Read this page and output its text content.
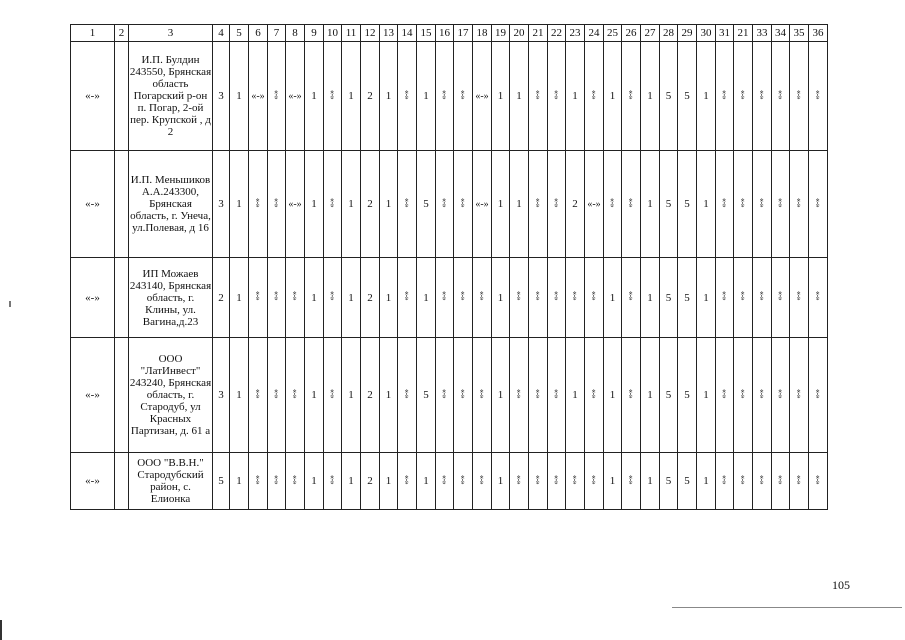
1	2	3	4	5	6	7	8	9	10	11	12	13	14	15	16	17	18	19	20	21	22	23	24	25	26	27	28	29	30	31	21	33	34	35	36
«-»		И.П. Булдин 243550, Брянская область Погарский р-он п. Погар, 2-ой пер. Крупской , д 2	3	1	«-»	«-»	«-»	1	«-»	1	2	1	«-»	1	«-»	«-»	«-»	1	1	«-»	«-»	1	«-»	1	«-»	1	5	5	1	«-»	«-»	«-»	«-»	«-»	«-»
«-»		И.П. Меньшиков А.А.243300, Брянская область, г. Унеча, ул.Полевая, д 16	3	1	«-»	«-»	«-»	1	«-»	1	2	1	«-»	5	«-»	«-»	«-»	1	1	«-»	«-»	2	«-»	«-»	«-»	1	5	5	1	«-»	«-»	«-»	«-»	«-»	«-»
«-»		ИП Можаев 243140, Брянская область, г. Клины, ул. Вагина,д.23	2	1	«-»	«-»	«-»	1	«-»	1	2	1	«-»	1	«-»	«-»	«-»	1	«-»	«-»	«-»	«-»	«-»	1	«-»	1	5	5	1	«-»	«-»	«-»	«-»	«-»	«-»
«-»		ООО "ЛатИнвест" 243240, Брянская область, г. Стародуб, ул Красных Партизан, д. 61 а	3	1	«-»	«-»	«-»	1	«-»	1	2	1	«-»	5	«-»	«-»	«-»	1	«-»	«-»	«-»	1	«-»	1	«-»	1	5	5	1	«-»	«-»	«-»	«-»	«-»	«-»
«-»		ООО "В.В.Н." Стародубский район, с. Елионка	5	1	«-»	«-»	«-»	1	«-»	1	2	1	«-»	1	«-»	«-»	«-»	1	«-»	«-»	«-»	«-»	«-»	1	«-»	1	5	5	1	«-»	«-»	«-»	«-»	«-»	«-»
105
